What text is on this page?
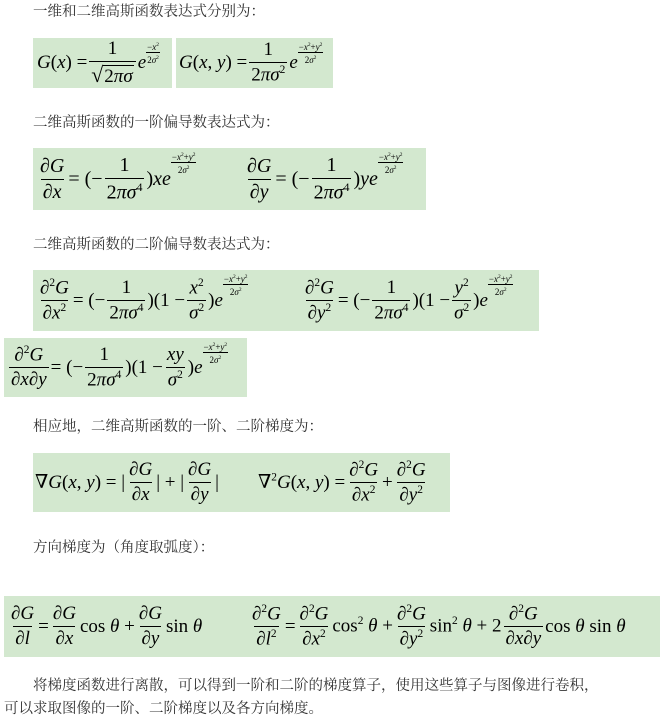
一维和二维高斯函数表达式分别为：
$G(x) = \frac{1}{√2\pi\sigma}$ e
$-x^2$
$2\sigma^2$ G(x, $y) = \frac{1}{2\pi\sigma^2}$ e
$-x^2+y^2$
$2\sigma^2$
二维高斯函数的一阶偏导数表达式为：
$\frac{\partial G}{\partial x}$ = (− $\frac{1}{2\pi\sigma^4} )xe$
$-x^2+y^2$
$2\sigma^2$	$\frac{\partial G}{\partial y}$ = (− $\frac{1}{2\pi\sigma^4} )ye$
$-x^2+y^2$
$2\sigma^2$
二维高斯函数的二阶偏导数表达式为：
$\frac{\partial^2G}{\partial x^2}$ = (− $\frac{1}{2\pi\sigma^4} )(1 - \frac{x^2}{\sigma^2} )e$
$-x^2+y^2$
$2\sigma^2$	$\frac{\partial^2G}{\partial y^2}$ = (− $\frac{1}{2\pi\sigma^4} )(1 - \frac{y^2}{\sigma^2} )e$
$-x^2+y^2$
$2\sigma^2$
$\frac{\partial^2G}{\partial x\partial y}$ = (− $\frac{1}{2\pi\sigma^4} )(1 - \frac{xy}{\sigma^2} )e$
$-x^2+y^2$
$2\sigma^2$
相应地，二维高斯函数的一阶、二阶梯度为：
∇G(x, y) = |
∂G
∂x
| + |
∂G
∂y
| ∇$^2$G(x, $y) = \frac{\partial^2G}{\partial x^2} + \frac{\partial^2G}{\partial y^2}$
方向梯度为（角度取弧度）：
$\frac{\partial G}{\partial l} = \frac{\partial G}{\partial x}$ $\cos \theta + \frac{\partial G}{\partial y}$ sin θ	$\frac{\partial^2G}{\partial l^2} = \frac{\partial^2G}{\partial x^2} \cos^2 \theta + \frac{\partial^2G}{\partial y^2} \sin^2 \theta + 2$
∂$^2$G
∂x∂y
cos θ sin θ
将梯度函数进行离散，可以得到一阶和二阶的梯度算子，使用这些算子与图像进行卷积，
可以求取图像的一阶、二阶梯度以及各方向梯度。
